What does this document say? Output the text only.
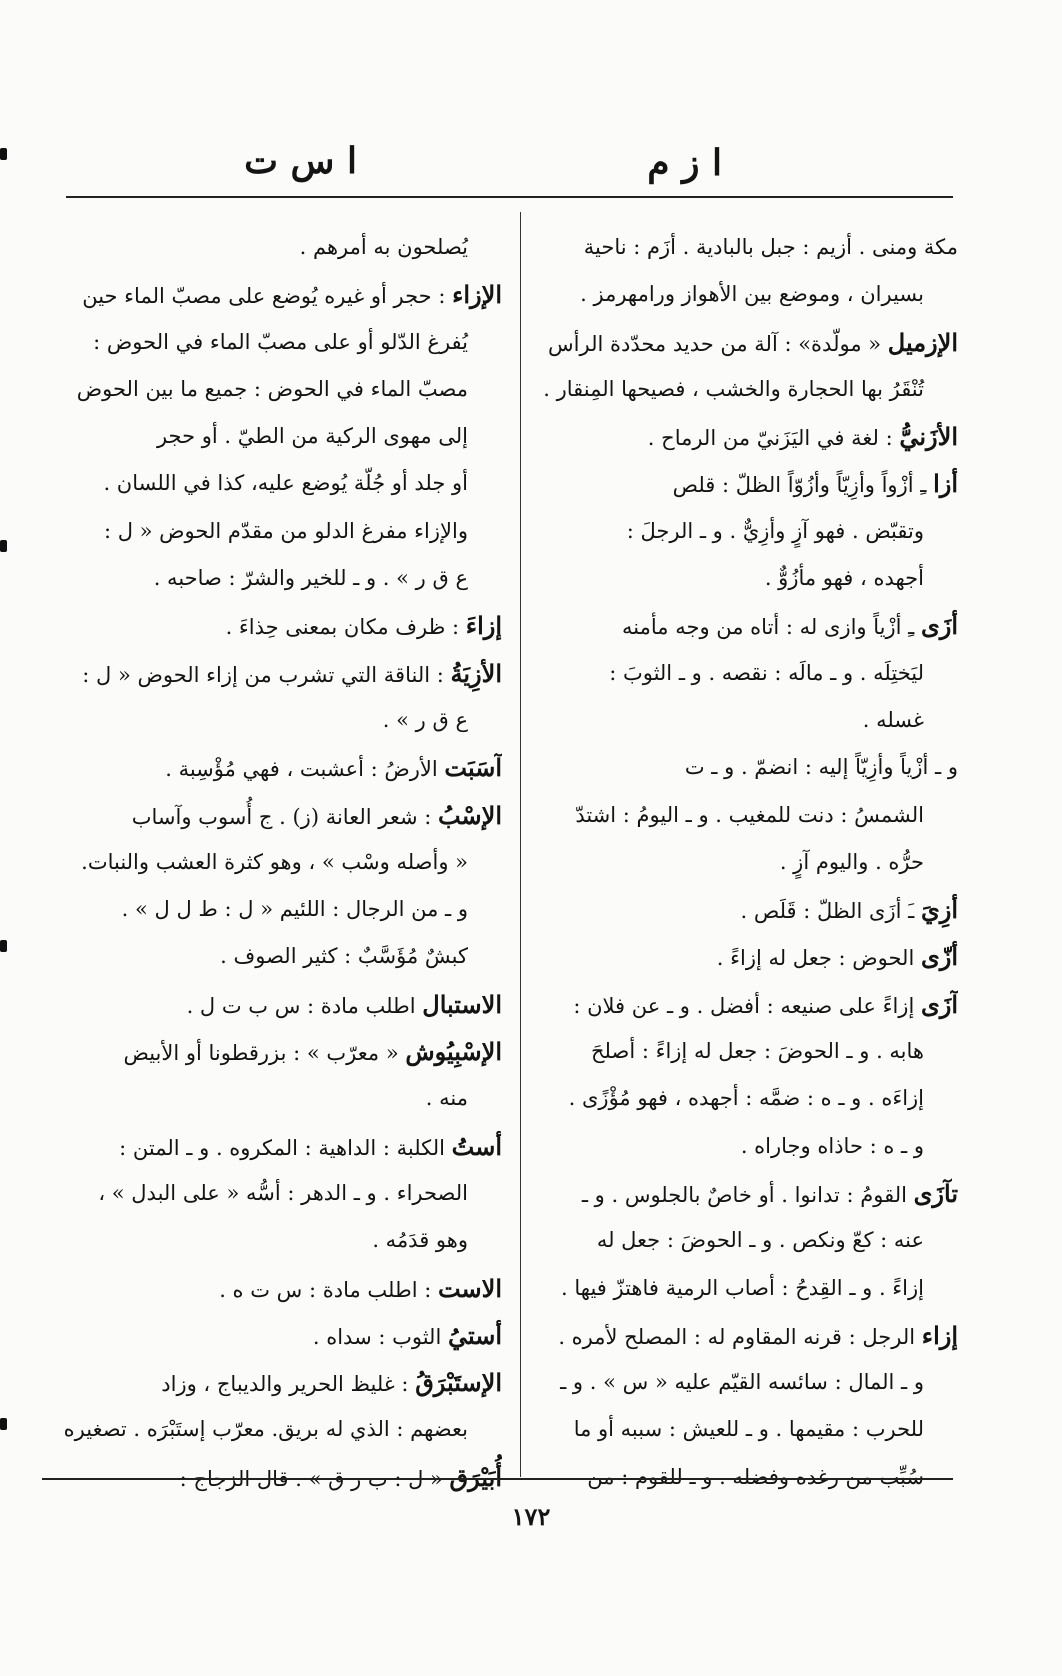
ا ز م
ا س ت
مكة ومنى . أزيم : جبل بالبادية . أزَم : ناحية
بسيران ، وموضع بين الأهواز ورامهرمز .
الإزميل « مولّدة» : آلة من حديد محدّدة الرأس
تُنْقَرُ بها الحجارة والخشب ، فصيحها المِنقار .
الأزَنيُّ : لغة في اليَزَنيّ من الرماح .
أزا ـِ أزْواً وأزِيّاً وأزُوّاً الظلّ : قلص
وتقبّض . فهو آزٍ وأزِيٌّ . و ـ الرجلَ :
أجهده ، فهو مأزُوٌّ .
أزَى ـِ أزْياً وازى له : أتاه من وجه مأمنه
ليَختِلَه . و ـ مالَه : نقصه . و ـ الثوبَ :
غسله .
و ـ أزْياً وأزِيّاً إليه : انضمّ . و ـ ت
الشمسُ : دنت للمغيب . و ـ اليومُ : اشتدّ
حرُّه . واليوم آزٍ .
أزِيَ ـَ أزَى الظلّ : قَلَص .
أزّى الحوض : جعل له إزاءً .
آزَى إزاءً على صنيعه : أفضل . و ـ عن فلان :
هابه . و ـ الحوضَ : جعل له إزاءً : أصلحَ
إزاءَه . و ـ ه : ضمَّه : أجهده ، فهو مُؤْزًى .
و ـ ه : حاذاه وجاراه .
تآزَى القومُ : تدانوا . أو خاصٌ بالجلوس . و ـ
عنه : كعّ ونكص . و ـ الحوضَ : جعل له
إزاءً . و ـ القِدحُ : أصاب الرمية فاهتزّ فيها .
إزاء الرجل : قرنه المقاوم له : المصلح لأمره .
و ـ المال : سائسه القيّم عليه « س » . و ـ
للحرب : مقيمها . و ـ للعيش : سببه أو ما
سُبِّب من رغده وفضله . و ـ للقوم : من
يُصلحون به أمرهم .
الإزاء : حجر أو غيره يُوضع على مصبّ الماء حين
يُفرغ الدّلو أو على مصبّ الماء في الحوض :
مصبّ الماء في الحوض : جميع ما بين الحوض
إلى مهوى الركية من الطيّ . أو حجر
أو جلد أو جُلّة يُوضع عليه، كذا في اللسان .
والإزاء مفرغ الدلو من مقدّم الحوض « ل :
ع ق ر » . و ـ للخير والشرّ : صاحبه .
إزاءَ : ظرف مكان بمعنى حِذاءَ .
الأزِيَةُ : الناقة التي تشرب من إزاء الحوض « ل :
ع ق ر » .
آسَبَت الأرضُ : أعشبت ، فهي مُؤْسِبة .
الإسْبُ : شعر العانة (ز) . ج أُسوب وآساب
« وأصله وسْب » ، وهو كثرة العشب والنبات.
و ـ من الرجال : اللئيم « ل : ط ل ل » .
كبشٌ مُؤَسَّبٌ : كثير الصوف .
الاستبال اطلب مادة : س ب ت ل .
الإسْبِيُوش « معرّب » : بزرقطونا أو الأبيض
منه .
أستُ الكلبة : الداهية : المكروه . و ـ المتن :
الصحراء . و ـ الدهر : أسُّه « على البدل » ،
وهو قدَمُه .
الاست : اطلب مادة : س ت ه .
أستيُ الثوب : سداه .
الإستَبْرَقُ : غليظ الحرير والديباج ، وزاد
بعضهم : الذي له بريق. معرّب إستَبْرَه . تصغيره
أُبَيْرَق « ل : ب ر ق » . قال الزجاج :
١٧٢
